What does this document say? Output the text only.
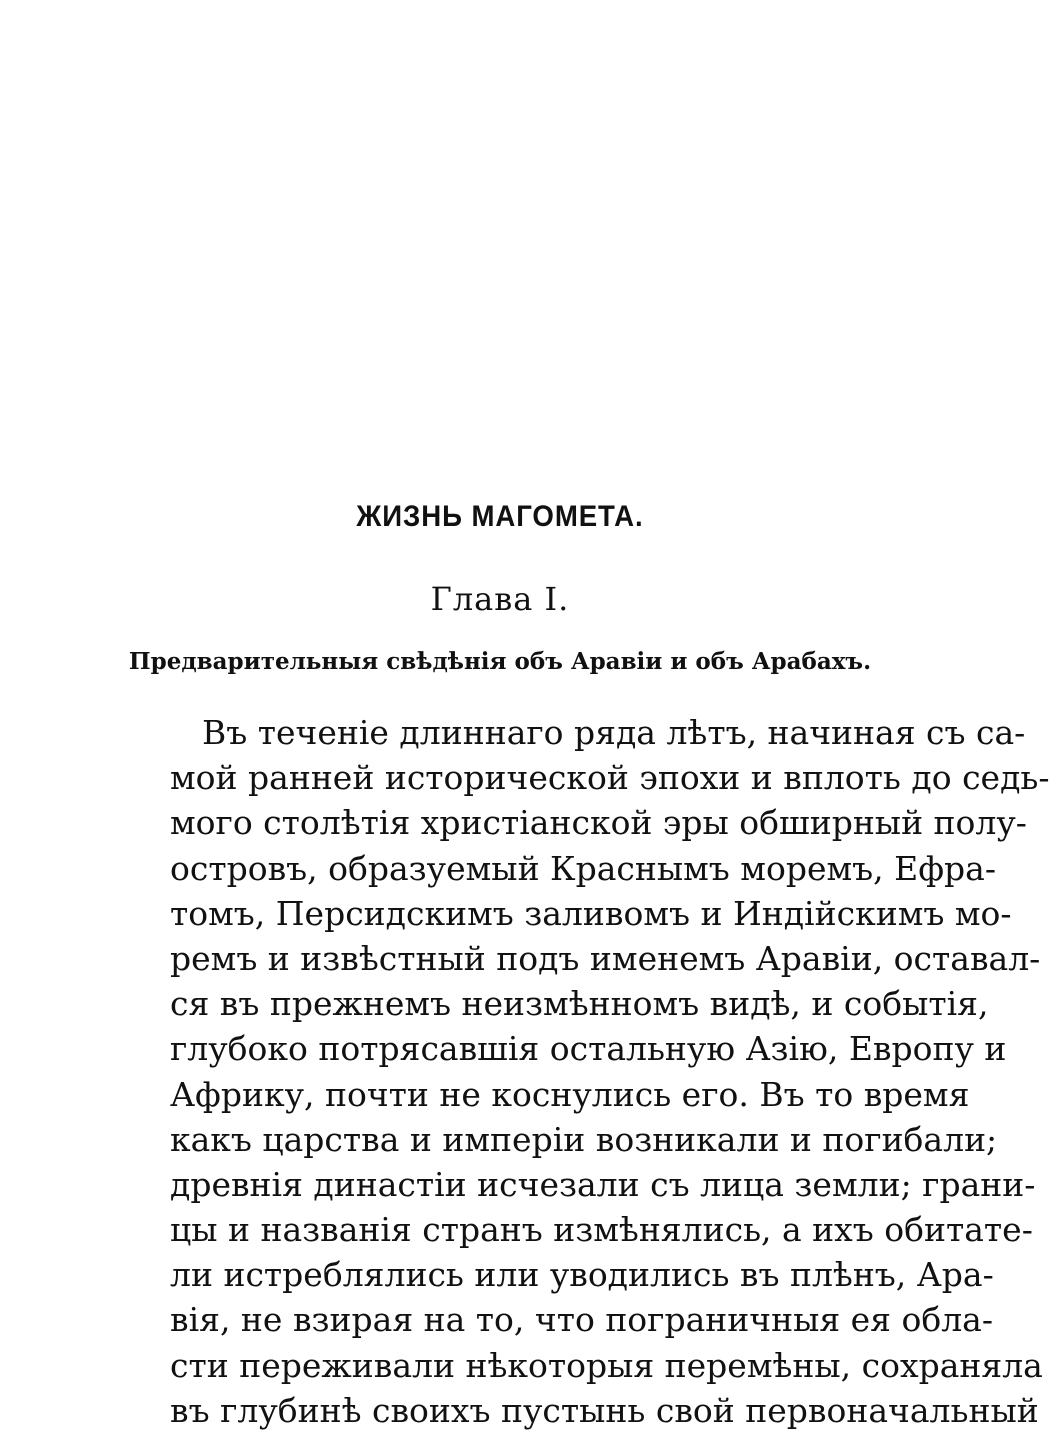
ЖИЗНЬ МАГОМЕТА.
Глава I.
Предварительныя свѣдѣнія объ Аравіи и объ Арабахъ.
Въ теченіе длиннаго ряда лѣтъ, начиная съ са-
мой ранней исторической эпохи и вплоть до седь-
мого столѣтія христіанской эры обширный полу-
островъ, образуемый Краснымъ моремъ, Ефра-
томъ, Персидскимъ заливомъ и Индійскимъ мо-
ремъ и извѣстный подъ именемъ Аравіи, оставал-
ся въ прежнемъ неизмѣнномъ видѣ, и событія,
глубоко потрясавшія остальную Азію, Европу и
Африку, почти не коснулись его. Въ то время
какъ царства и имперіи возникали и погибали;
древнія династіи исчезали съ лица земли; грани-
цы и названія странъ измѣнялись, а ихъ обитате-
ли истреблялись или уводились въ плѣнъ, Ара-
вія, не взирая на то, что пограничныя ея обла-
сти переживали нѣкоторыя перемѣны, сохраняла
въ глубинѣ своихъ пустынь свой первоначальный
